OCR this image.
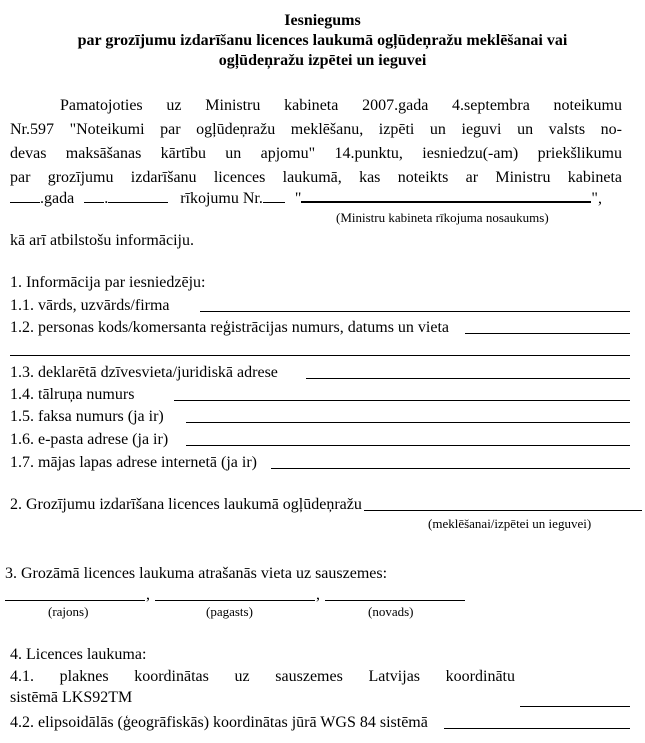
Iesniegums
par grozījumu izdarīšanu licences laukumā ogļūdeņražu meklēšanai vai
ogļūdeņražu izpētei un ieguvei
Pamatojoties uz Ministru kabineta 2007.gada 4.septembra noteikumu
Nr.597 "Noteikumi par ogļūdeņražu meklēšanu, izpēti un ieguvi un valsts no-
devas maksāšanas kārtību un apjomu" 14.punktu, iesniedzu(-am) priekšlikumu
par grozījumu izdarīšanu licences laukumā, kas noteikts ar Ministru kabineta
.gada .	rīkojumu Nr. "	",
(Ministru kabineta rīkojuma nosaukums)
kā arī atbilstošu informāciju.
1. Informācija par iesniedzēju:
1.1. vārds, uzvārds/firma
1.2. personas kods/komersanta reģistrācijas numurs, datums un vieta
1.3. deklarētā dzīvesvieta/juridiskā adrese
1.4. tālruņa numurs
1.5. faksa numurs (ja ir)
1.6. e-pasta adrese (ja ir)
1.7. mājas lapas adrese internetā (ja ir)
2. Grozījumu izdarīšana licences laukumā ogļūdeņražu
(meklēšanai/izpētei un ieguvei)
3. Grozāmā licences laukuma atrašanās vieta uz sauszemes:
,	,
(rajons)	(pagasts)	(novads)
4. Licences laukuma:
4.1. plaknes koordinātas uz sauszemes Latvijas koordinātu
sistēmā LKS92TM
4.2. elipsoidālās (ģeogrāfiskās) koordinātas jūrā WGS 84 sistēmā
